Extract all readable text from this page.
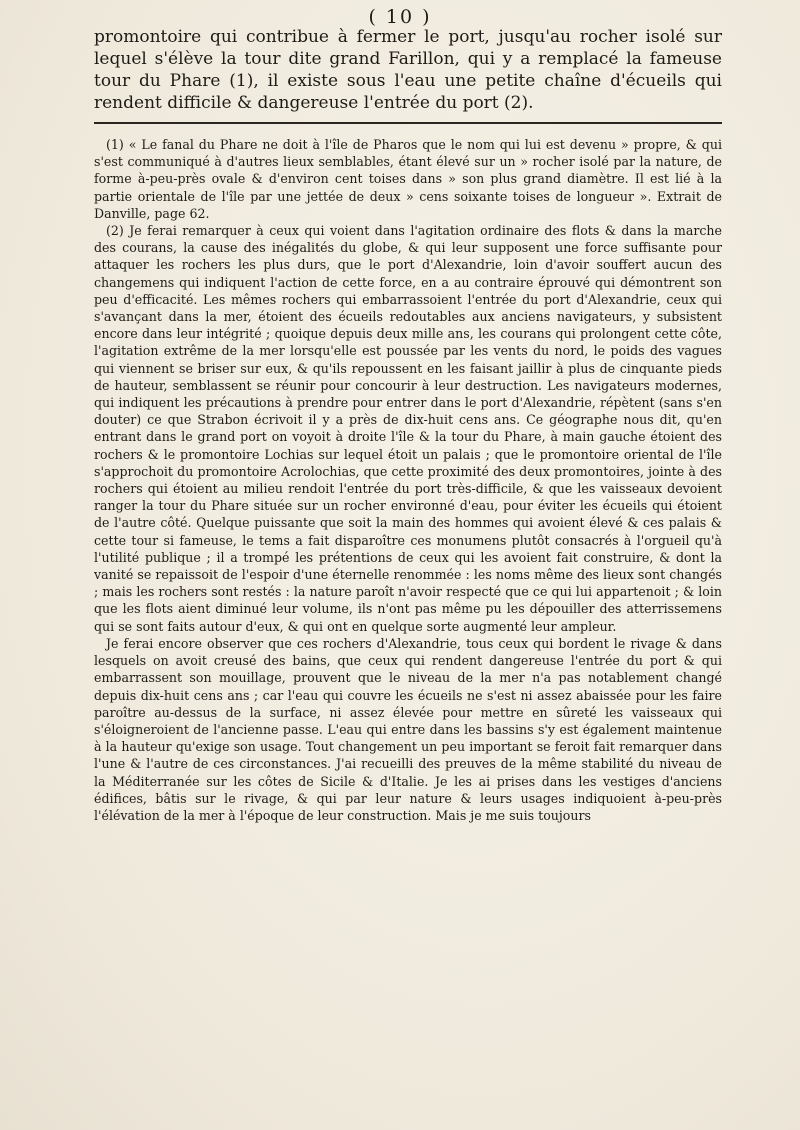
( 10 )

promontoire qui contribue à fermer le port, jusqu'au rocher isolé sur lequel s'élève la tour dite grand Farillon, qui y a remplacé la fameuse tour du Phare (1), il existe sous l'eau une petite chaîne d'écueils qui rendent difficile & dangereuse l'entrée du port (2).

(1) « Le fanal du Phare ne doit à l'île de Pharos que le nom qui lui est devenu » propre, & qui s'est communiqué à d'autres lieux semblables, étant élevé sur un » rocher isolé par la nature, de forme à-peu-près ovale & d'environ cent toises dans » son plus grand diamètre. Il est lié à la partie orientale de l'île par une jettée de deux » cens soixante toises de longueur ». Extrait de Danville, page 62.

(2) Je ferai remarquer à ceux qui voient dans l'agitation ordinaire des flots & dans la marche des courans, la cause des inégalités du globe, & qui leur supposent une force suffisante pour attaquer les rochers les plus durs, que le port d'Alexandrie, loin d'avoir souffert aucun des changemens qui indiquent l'action de cette force, en a au contraire éprouvé qui démontrent son peu d'efficacité. Les mêmes rochers qui embarrassoient l'entrée du port d'Alexandrie, ceux qui s'avançant dans la mer, étoient des écueils redoutables aux anciens navigateurs, y subsistent encore dans leur intégrité ; quoique depuis deux mille ans, les courans qui prolongent cette côte, l'agitation extrême de la mer lorsqu'elle est poussée par les vents du nord, le poids des vagues qui viennent se briser sur eux, & qu'ils repoussent en les faisant jaillir à plus de cinquante pieds de hauteur, semblassent se réunir pour concourir à leur destruction. Les navigateurs modernes, qui indiquent les précautions à prendre pour entrer dans le port d'Alexandrie, répètent (sans s'en douter) ce que Strabon écrivoit il y a près de dix-huit cens ans. Ce géographe nous dit, qu'en entrant dans le grand port on voyoit à droite l'île & la tour du Phare, à main gauche étoient des rochers & le promontoire Lochias sur lequel étoit un palais ; que le promontoire oriental de l'île s'approchoit du promontoire Acrolochias, que cette proximité des deux promontoires, jointe à des rochers qui étoient au milieu rendoit l'entrée du port très-difficile, & que les vaisseaux devoient ranger la tour du Phare située sur un rocher environné d'eau, pour éviter les écueils qui étoient de l'autre côté. Quelque puissante que soit la main des hommes qui avoient élevé & ces palais & cette tour si fameuse, le tems a fait disparoître ces monumens plutôt consacrés à l'orgueil qu'à l'utilité publique ; il a trompé les prétentions de ceux qui les avoient fait construire, & dont la vanité se repaissoit de l'espoir d'une éternelle renommée : les noms même des lieux sont changés ; mais les rochers sont restés : la nature paroît n'avoir respecté que ce qui lui appartenoit ; & loin que les flots aient diminué leur volume, ils n'ont pas même pu les dépouiller des atterrissemens qui se sont faits autour d'eux, & qui ont en quelque sorte augmenté leur ampleur.

Je ferai encore observer que ces rochers d'Alexandrie, tous ceux qui bordent le rivage & dans lesquels on avoit creusé des bains, que ceux qui rendent dangereuse l'entrée du port & qui embarrassent son mouillage, prouvent que le niveau de la mer n'a pas notablement changé depuis dix-huit cens ans ; car l'eau qui couvre les écueils ne s'est ni assez abaissée pour les faire paroître au-dessus de la surface, ni assez élevée pour mettre en sûreté les vaisseaux qui s'éloigneroient de l'ancienne passe. L'eau qui entre dans les bassins s'y est également maintenue à la hauteur qu'exige son usage. Tout changement un peu important se feroit fait remarquer dans l'une & l'autre de ces circonstances. J'ai recueilli des preuves de la même stabilité du niveau de la Méditerranée sur les côtes de Sicile & d'Italie. Je les ai prises dans les vestiges d'anciens édifices, bâtis sur le rivage, & qui par leur nature & leurs usages indiquoient à-peu-près l'élévation de la mer à l'époque de leur construction. Mais je me suis toujours
